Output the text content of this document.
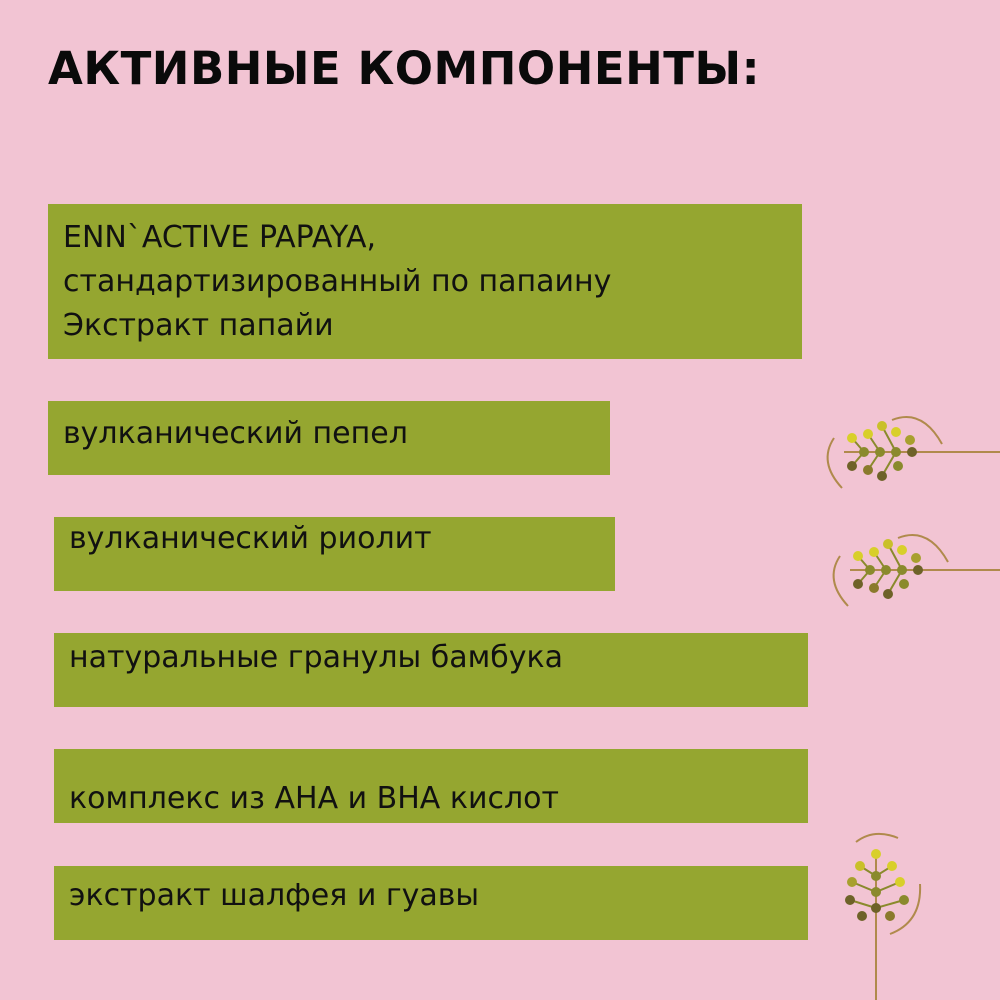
АКТИВНЫЕ КОМПОНЕНТЫ:
ENN`ACTIVE PAPAYA,
стандартизированный по папаину
Экстракт папайи
вулканический пепел
вулканический риолит
натуральные гранулы бамбука
комплекс из AHA и BHA кислот
экстракт шалфея и гуавы
